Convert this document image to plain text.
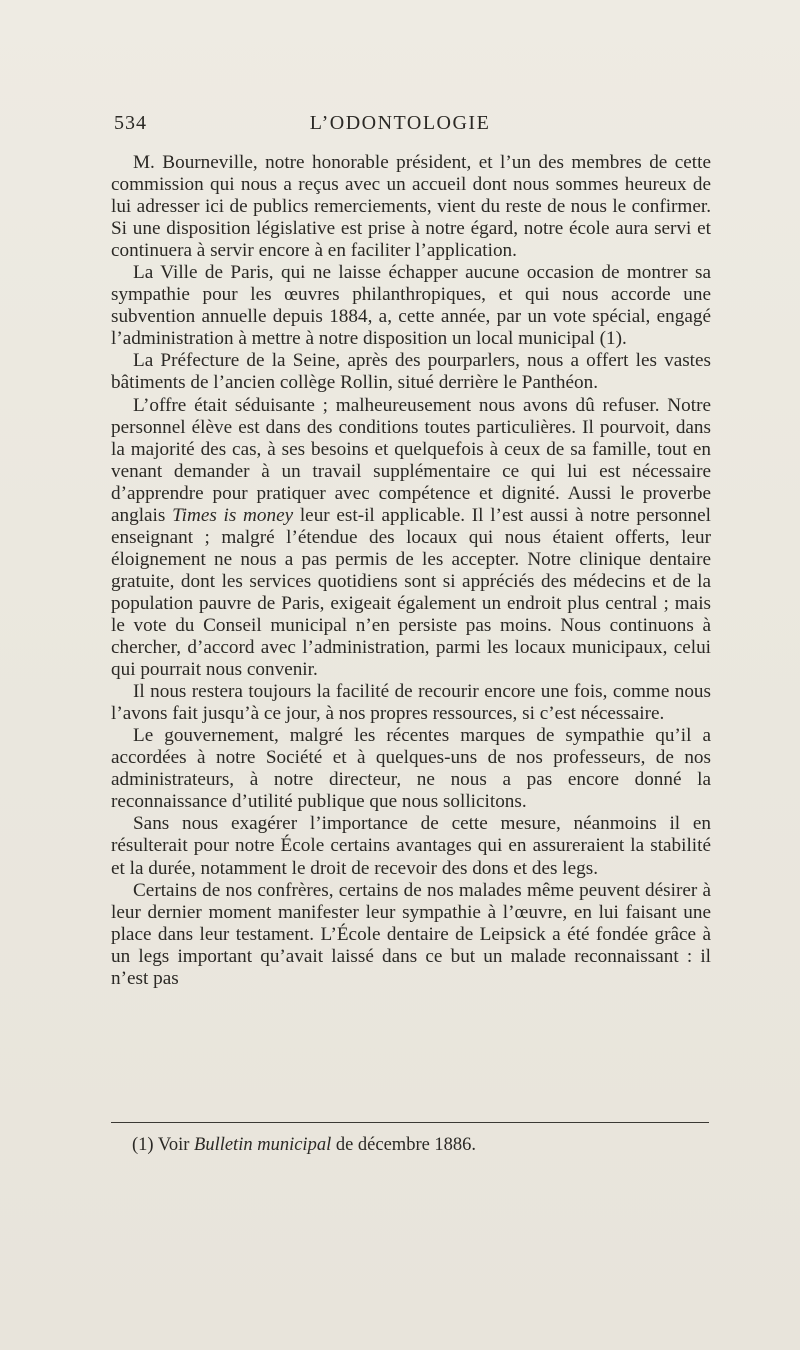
534	L’ODONTOLOGIE

M. Bourneville, notre honorable président, et l’un des membres de cette commission qui nous a reçus avec un accueil dont nous sommes heureux de lui adresser ici de publics remerciements, vient du reste de nous le confirmer. Si une disposition législative est prise à notre égard, notre école aura servi et continuera à servir encore à en faciliter l’application.

La Ville de Paris, qui ne laisse échapper aucune occasion de montrer sa sympathie pour les œuvres philanthropiques, et qui nous accorde une subvention annuelle depuis 1884, a, cette année, par un vote spécial, engagé l’administration à mettre à notre disposition un local municipal (1).

La Préfecture de la Seine, après des pourparlers, nous a offert les vastes bâtiments de l’ancien collège Rollin, situé derrière le Panthéon.

L’offre était séduisante ; malheureusement nous avons dû refuser. Notre personnel élève est dans des conditions toutes particulières. Il pourvoit, dans la majorité des cas, à ses besoins et quelquefois à ceux de sa famille, tout en venant demander à un travail supplémentaire ce qui lui est nécessaire d’apprendre pour pratiquer avec compétence et dignité. Aussi le proverbe anglais Times is money leur est-il applicable. Il l’est aussi à notre personnel enseignant ; malgré l’étendue des locaux qui nous étaient offerts, leur éloignement ne nous a pas permis de les accepter. Notre clinique dentaire gratuite, dont les services quotidiens sont si appréciés des médecins et de la population pauvre de Paris, exigeait également un endroit plus central ; mais le vote du Conseil municipal n’en persiste pas moins. Nous continuons à chercher, d’accord avec l’administration, parmi les locaux municipaux, celui qui pourrait nous convenir.

Il nous restera toujours la facilité de recourir encore une fois, comme nous l’avons fait jusqu’à ce jour, à nos propres ressources, si c’est nécessaire.

Le gouvernement, malgré les récentes marques de sympathie qu’il a accordées à notre Société et à quelques-uns de nos professeurs, de nos administrateurs, à notre directeur, ne nous a pas encore donné la reconnaissance d’utilité publique que nous sollicitons.

Sans nous exagérer l’importance de cette mesure, néanmoins il en résulterait pour notre École certains avantages qui en assureraient la stabilité et la durée, notamment le droit de recevoir des dons et des legs.

Certains de nos confrères, certains de nos malades même peuvent désirer à leur dernier moment manifester leur sympathie à l’œuvre, en lui faisant une place dans leur testament. L’École dentaire de Leipsick a été fondée grâce à un legs important qu’avait laissé dans ce but un malade reconnaissant : il n’est pas

(1) Voir Bulletin municipal de décembre 1886.
